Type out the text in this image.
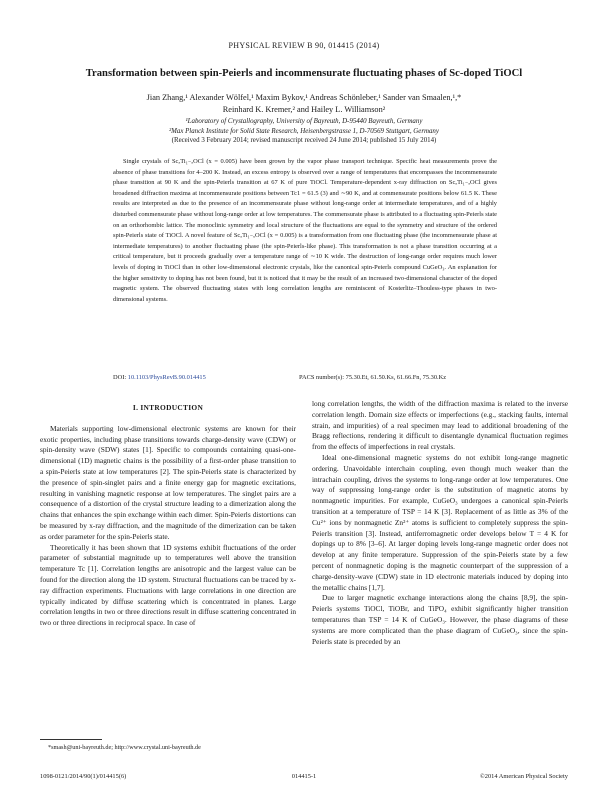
PHYSICAL REVIEW B 90, 014415 (2014)
Transformation between spin-Peierls and incommensurate fluctuating phases of Sc-doped TiOCl
Jian Zhang,¹ Alexander Wölfel,¹ Maxim Bykov,¹ Andreas Schönleber,¹ Sander van Smaalen,¹,*
Reinhard K. Kremer,² and Hailey L. Williamson²
¹Laboratory of Crystallography, University of Bayreuth, D-95440 Bayreuth, Germany
²Max Planck Institute for Solid State Research, Heisenbergstrasse 1, D-70569 Stuttgart, Germany
(Received 3 February 2014; revised manuscript received 24 June 2014; published 15 July 2014)

Single crystals of ScₓTi₁₋ₓOCl (x = 0.005) have been grown by the vapor phase transport technique. Specific heat measurements prove the absence of phase transitions for 4–200 K. Instead, an excess entropy is observed over a range of temperatures that encompasses the incommensurate phase transition at 90 K and the spin-Peierls transition at 67 K of pure TiOCl. Temperature-dependent x-ray diffraction on ScₓTi₁₋ₓOCl gives broadened diffraction maxima at incommensurate positions between Tc1 = 61.5 (3) and ∼90 K, and at commensurate positions below 61.5 K. These results are interpreted as due to the presence of an incommensurate phase without long-range order at intermediate temperatures, and of a highly disturbed commensurate phase without long-range order at low temperatures. The commensurate phase is attributed to a fluctuating spin-Peierls state on an orthorhombic lattice. The monoclinic symmetry and local structure of the fluctuations are equal to the symmetry and structure of the ordered spin-Peierls state of TiOCl. A novel feature of ScₓTi₁₋ₓOCl (x = 0.005) is a transformation from one fluctuating phase (the incommensurate phase at intermediate temperatures) to another fluctuating phase (the spin-Peierls-like phase). This transformation is not a phase transition occurring at a critical temperature, but it proceeds gradually over a temperature range of ∼10 K wide. The destruction of long-range order requires much lower levels of doping in TiOCl than in other low-dimensional electronic crystals, like the canonical spin-Peierls compound CuGeO₃. An explanation for the higher sensitivity to doping has not been found, but it is noticed that it may be the result of an increased two-dimensional character of the doped magnetic system. The observed fluctuating states with long correlation lengths are reminiscent of Kosterlitz–Thouless-type phases in two-dimensional systems.

DOI: 10.1103/PhysRevB.90.014415	PACS number(s): 75.30.Et, 61.50.Ks, 61.66.Fn, 75.30.Kz

I. INTRODUCTION

Materials supporting low-dimensional electronic systems are known for their exotic properties, including phase transitions towards charge-density wave (CDW) or spin-density wave (SDW) states [1]. Specific to compounds containing quasi-one-dimensional (1D) magnetic chains is the possibility of a first-order phase transition to a spin-Peierls state at low temperatures [2]. The spin-Peierls state is characterized by the presence of spin-singlet pairs and a finite energy gap for magnetic excitations, resulting in vanishing magnetic response at low temperatures. The singlet pairs are a consequence of a distortion of the crystal structure leading to a dimerization along the chains that enhances the spin exchange within each dimer. Spin-Peierls distortions can be measured by x-ray diffraction, and the magnitude of the dimerization can be taken as order parameter for the spin-Peierls state.

Theoretically it has been shown that 1D systems exhibit fluctuations of the order parameter of substantial magnitude up to temperatures well above the transition temperature Tc [1]. Correlation lengths are anisotropic and the largest value can be found for the direction along the 1D system. Structural fluctuations can be traced by x-ray diffraction experiments. Fluctuations with large correlations in one direction are typically indicated by diffuse scattering which is concentrated in planes. Large correlation lengths in two or three directions result in diffuse scattering concentrated in two or three directions in reciprocal space. In case of

long correlation lengths, the width of the diffraction maxima is related to the inverse correlation length. Domain size effects or imperfections (e.g., stacking faults, internal strain, and impurities) of a real specimen may lead to additional broadening of the Bragg reflections, rendering it difficult to disentangle dynamical fluctuation regimes from the effects of imperfections in real crystals.

Ideal one-dimensional magnetic systems do not exhibit long-range magnetic ordering. Unavoidable interchain coupling, even though much weaker than the intrachain coupling, drives the systems to long-range order at low temperatures. One way of suppressing long-range order is the substitution of magnetic atoms by nonmagnetic impurities. For example, CuGeO₃ undergoes a canonical spin-Peierls transition at a temperature of TSP = 14 K [3]. Replacement of as little as 3% of the Cu²⁺ ions by nonmagnetic Zn²⁺ atoms is sufficient to completely suppress the spin-Peierls transition [3]. Instead, antiferromagnetic order develops below T = 4 K for dopings up to 8% [3–6]. At larger doping levels long-range magnetic order does not develop at any finite temperature. Suppression of the spin-Peierls state by a few percent of nonmagnetic doping is the magnetic counterpart of the suppression of a charge-density-wave (CDW) state in 1D electronic materials induced by doping into the metallic chains [1,7].

Due to larger magnetic exchange interactions along the chains [8,9], the spin-Peierls systems TiOCl, TiOBr, and TiPO₄ exhibit significantly higher transition temperatures than TSP = 14 K of CuGeO₃. However, the phase diagrams of these systems are more complicated than the phase diagram of CuGeO₃, since the spin-Peierls state is preceded by an

*smash@uni-bayreuth.de; http://www.crystal.uni-bayreuth.de
1098-0121/2014/90(1)/014415(6)	014415-1	©2014 American Physical Society
